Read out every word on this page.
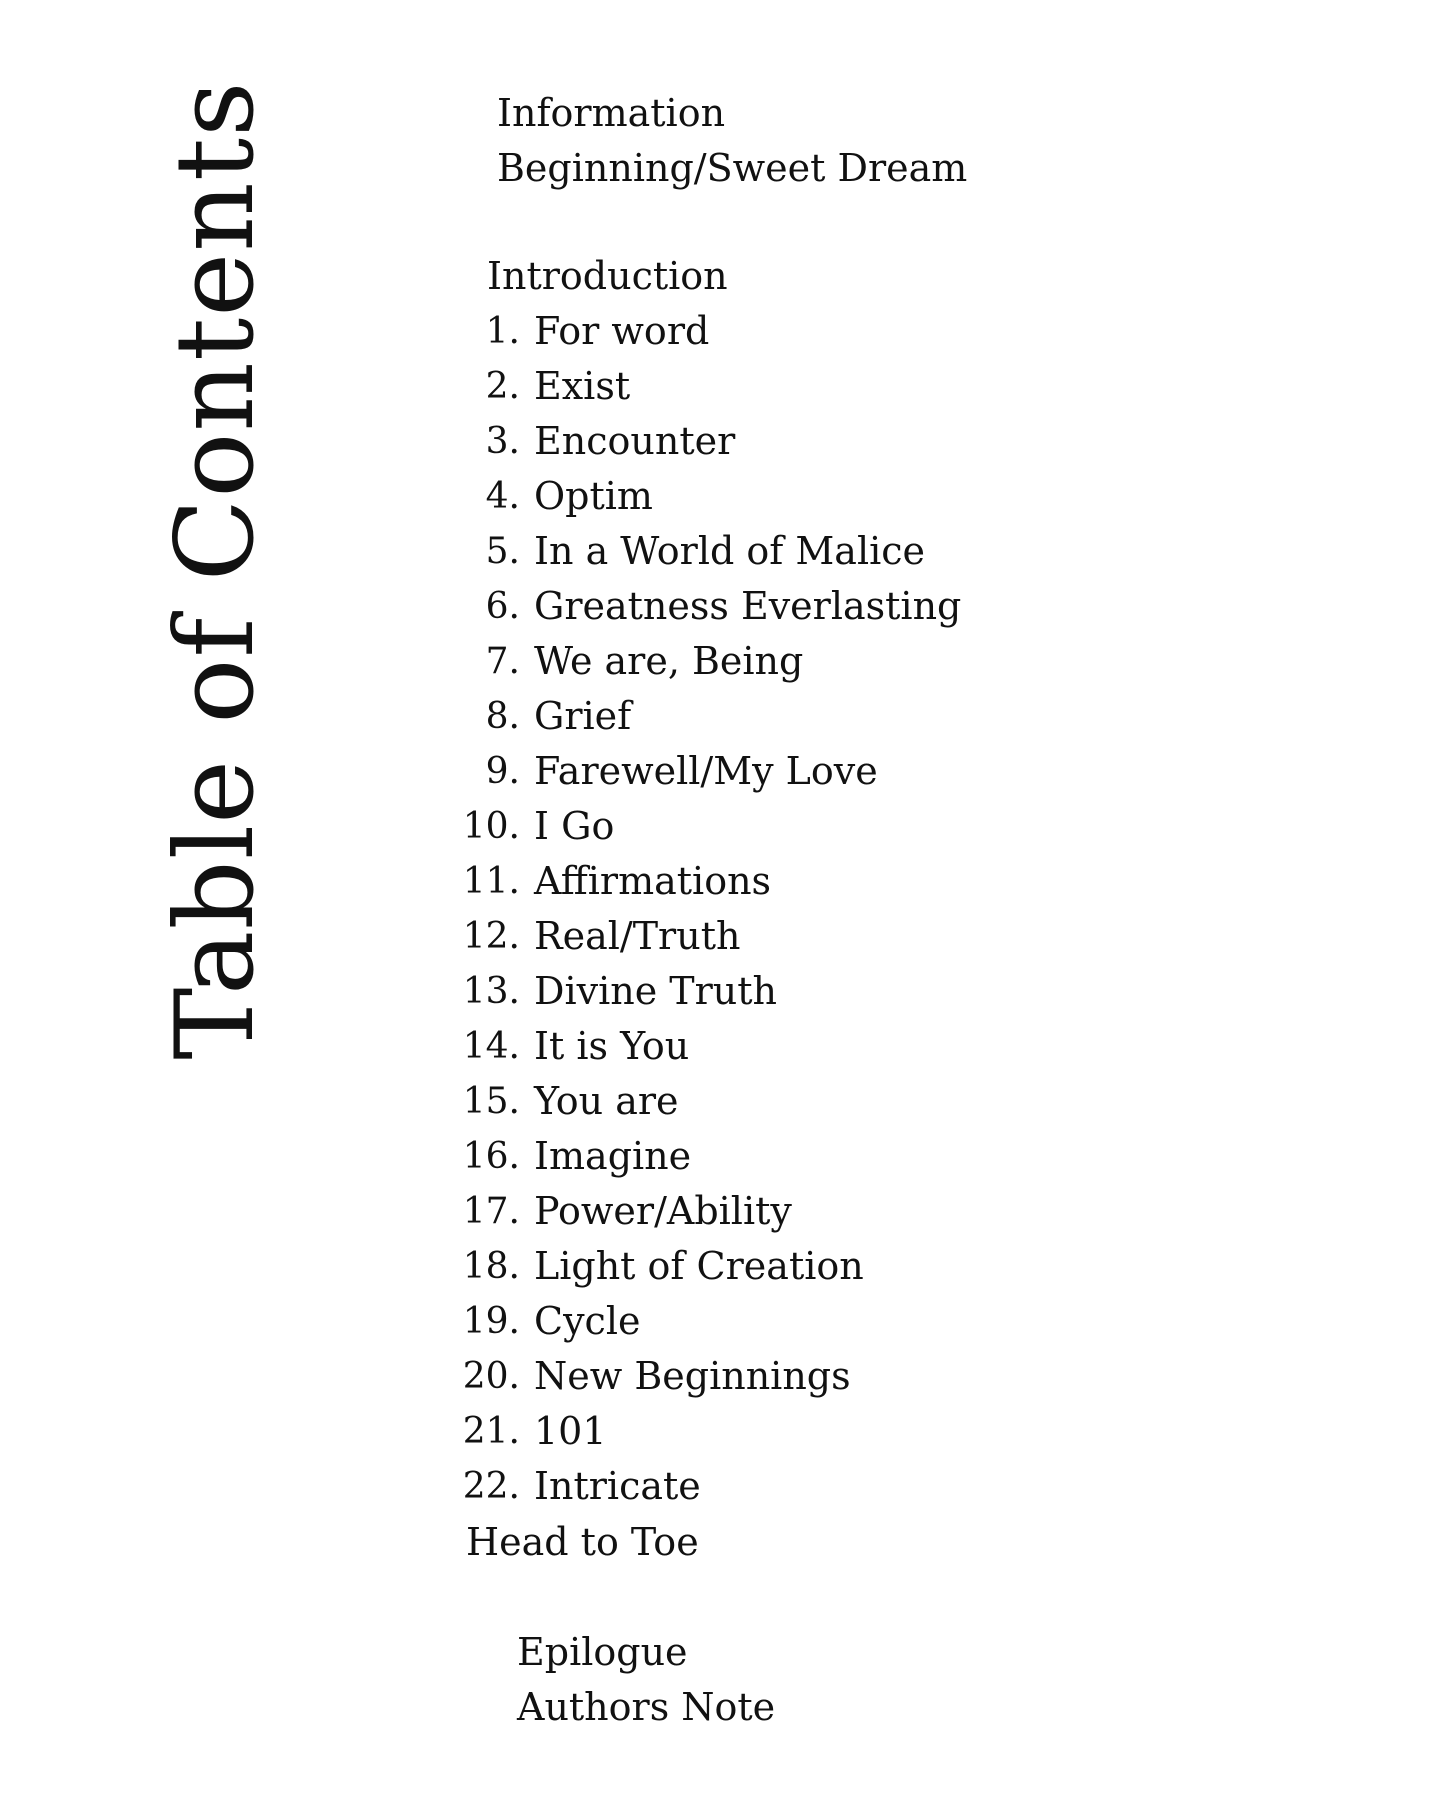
Table of Contents	Information
Beginning/Sweet Dream
Introduction
1. For word
2. Exist
3. Encounter
4. Optim
5. In a World of Malice
6. Greatness Everlasting
7. We are, Being
8. Grief
9. Farewell/My Love
10. I Go
11. Affirmations
12. Real/Truth
13. Divine Truth
14. It is You
15. You are
16. Imagine
17. Power/Ability
18. Light of Creation
19. Cycle
20. New Beginnings
21. 101
22. Intricate
Head to Toe
Epilogue
Authors Note
